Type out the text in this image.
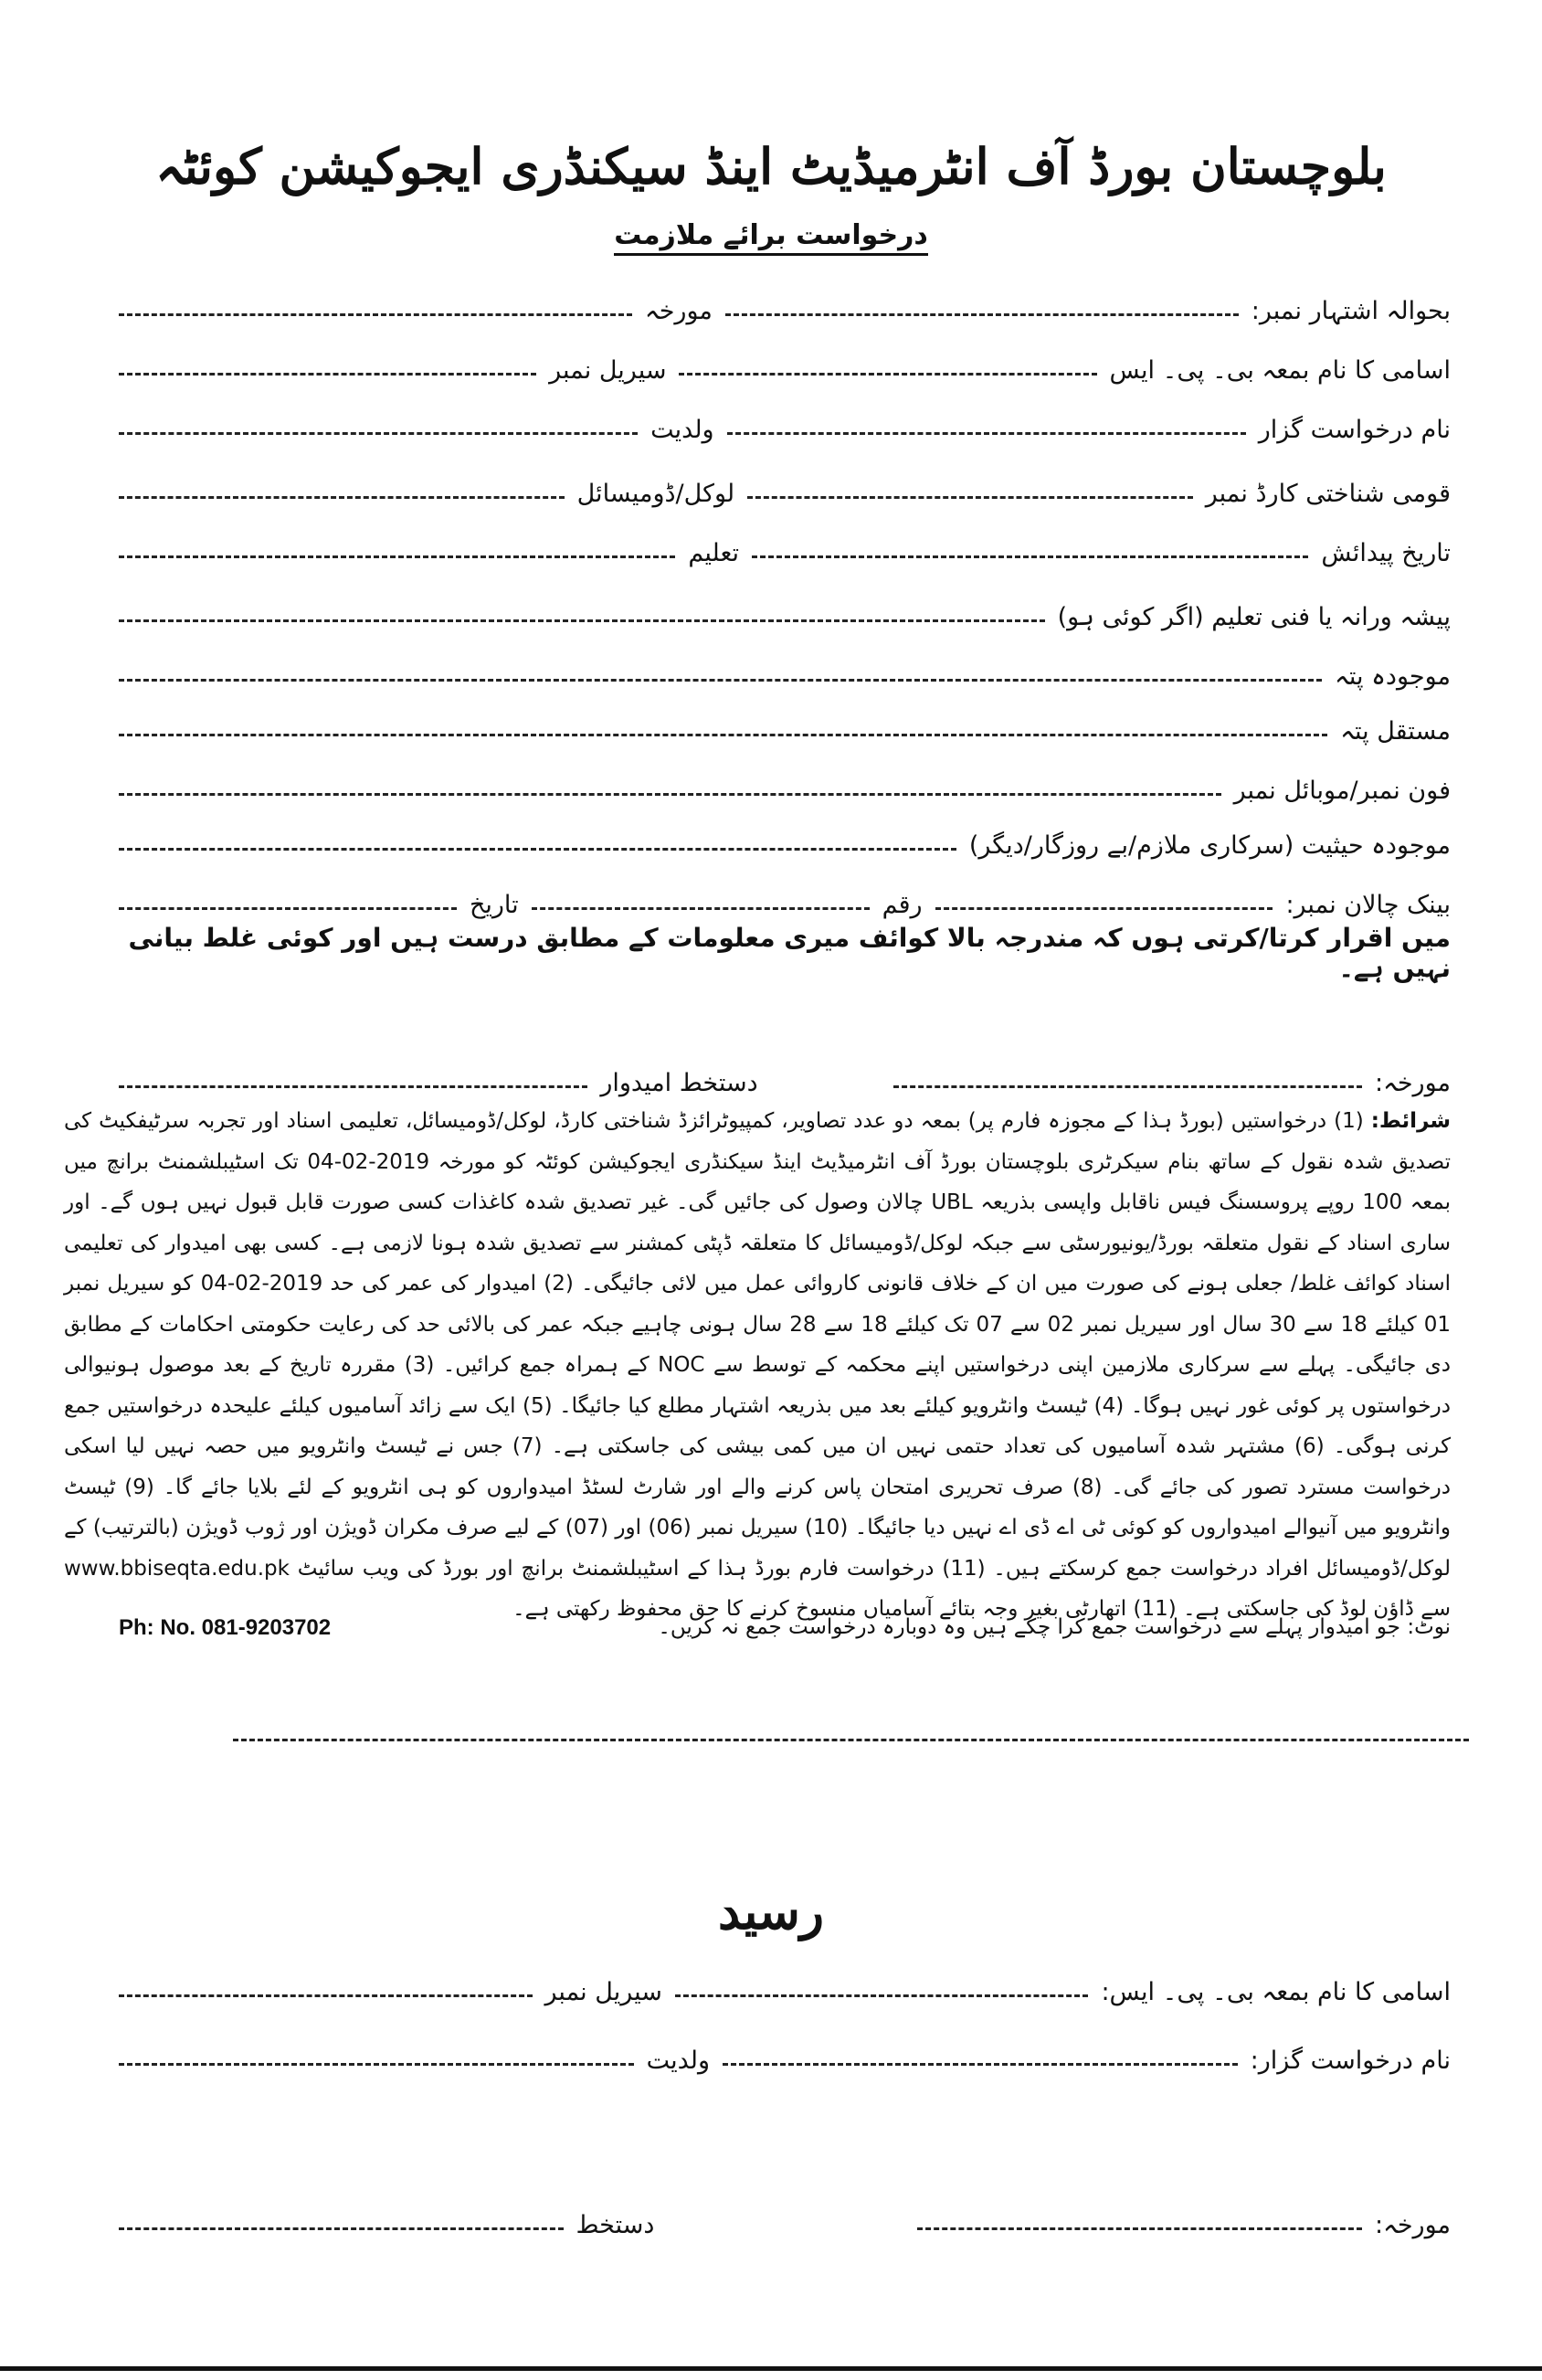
بلوچستان بورڈ آف انٹرمیڈیٹ اینڈ سیکنڈری ایجوکیشن کوئٹہ
درخواست برائے ملازمت
بحوالہ اشتہار نمبر:
مورخہ
اسامی کا نام بمعہ بی۔ پی۔ ایس
سیریل نمبر
نام درخواست گزار
ولدیت
قومی شناختی کارڈ نمبر
لوکل/ڈومیسائل
تاریخ پیدائش
تعلیم
پیشہ ورانہ یا فنی تعلیم (اگر کوئی ہو)
موجودہ پتہ
مستقل پتہ
فون نمبر/موبائل نمبر
موجودہ حیثیت (سرکاری ملازم/بے روزگار/دیگر)
بینک چالان نمبر:
رقم
تاریخ
میں اقرار کرتا/کرتی ہوں کہ مندرجہ بالا کوائف میری معلومات کے مطابق درست ہیں اور کوئی غلط بیانی نہیں ہے۔
مورخہ:
دستخط امیدوار
شرائط: (1) درخواستیں (بورڈ ہذا کے مجوزہ فارم پر) بمعہ دو عدد تصاویر، کمپیوٹرائزڈ شناختی کارڈ، لوکل/ڈومیسائل، تعلیمی اسناد اور تجربہ سرٹیفکیٹ کی تصدیق شدہ نقول کے ساتھ بنام سیکرٹری بلوچستان بورڈ آف انٹرمیڈیٹ اینڈ سیکنڈری ایجوکیشن کوئٹہ کو مورخہ 2019-02-04 تک اسٹیبلشمنٹ برانچ میں بمعہ 100 روپے پروسسنگ فیس ناقابل واپسی بذریعہ UBL چالان وصول کی جائیں گی۔ غیر تصدیق شدہ کاغذات کسی صورت قابل قبول نہیں ہوں گے۔ اور ساری اسناد کے نقول متعلقہ بورڈ/یونیورسٹی سے جبکہ لوکل/ڈومیسائل کا متعلقہ ڈپٹی کمشنر سے تصدیق شدہ ہونا لازمی ہے۔ کسی بھی امیدوار کی تعلیمی اسناد کوائف غلط/ جعلی ہونے کی صورت میں ان کے خلاف قانونی کاروائی عمل میں لائی جائیگی۔ (2) امیدوار کی عمر کی حد 2019-02-04 کو سیریل نمبر 01 کیلئے 18 سے 30 سال اور سیریل نمبر 02 سے 07 تک کیلئے 18 سے 28 سال ہونی چاہیے جبکہ عمر کی بالائی حد کی رعایت حکومتی احکامات کے مطابق دی جائیگی۔ پہلے سے سرکاری ملازمین اپنی درخواستیں اپنے محکمہ کے توسط سے NOC کے ہمراہ جمع کرائیں۔ (3) مقررہ تاریخ کے بعد موصول ہونیوالی درخواستوں پر کوئی غور نہیں ہوگا۔ (4) ٹیسٹ وانٹرویو کیلئے بعد میں بذریعہ اشتہار مطلع کیا جائیگا۔ (5) ایک سے زائد آسامیوں کیلئے علیحدہ درخواستیں جمع کرنی ہوگی۔ (6) مشتہر شدہ آسامیوں کی تعداد حتمی نہیں ان میں کمی بیشی کی جاسکتی ہے۔ (7) جس نے ٹیسٹ وانٹرویو میں حصہ نہیں لیا اسکی درخواست مسترد تصور کی جائے گی۔ (8) صرف تحریری امتحان پاس کرنے والے اور شارٹ لسٹڈ امیدواروں کو ہی انٹرویو کے لئے بلایا جائے گا۔ (9) ٹیسٹ وانٹرویو میں آنیوالے امیدواروں کو کوئی ٹی اے ڈی اے نہیں دیا جائیگا۔ (10) سیریل نمبر (06) اور (07) کے لیے صرف مکران ڈویژن اور ژوب ڈویژن (بالترتیب) کے لوکل/ڈومیسائل افراد درخواست جمع کرسکتے ہیں۔ (11) درخواست فارم بورڈ ہذا کے اسٹیبلشمنٹ برانچ اور بورڈ کی ویب سائیٹ www.bbiseqta.edu.pk سے ڈاؤن لوڈ کی جاسکتی ہے۔ (11) اتھارٹی بغیر وجہ بتائے آسامیاں منسوخ کرنے کا حق محفوظ رکھتی ہے۔
نوٹ: جو امیدوار پہلے سے درخواست جمع کرا چکے ہیں وہ دوبارہ درخواست جمع نہ کریں۔
Ph: No. 081-9203702
رسید
اسامی کا نام بمعہ بی۔ پی۔ ایس:
سیریل نمبر
نام درخواست گزار:
ولدیت
مورخہ:
دستخط
